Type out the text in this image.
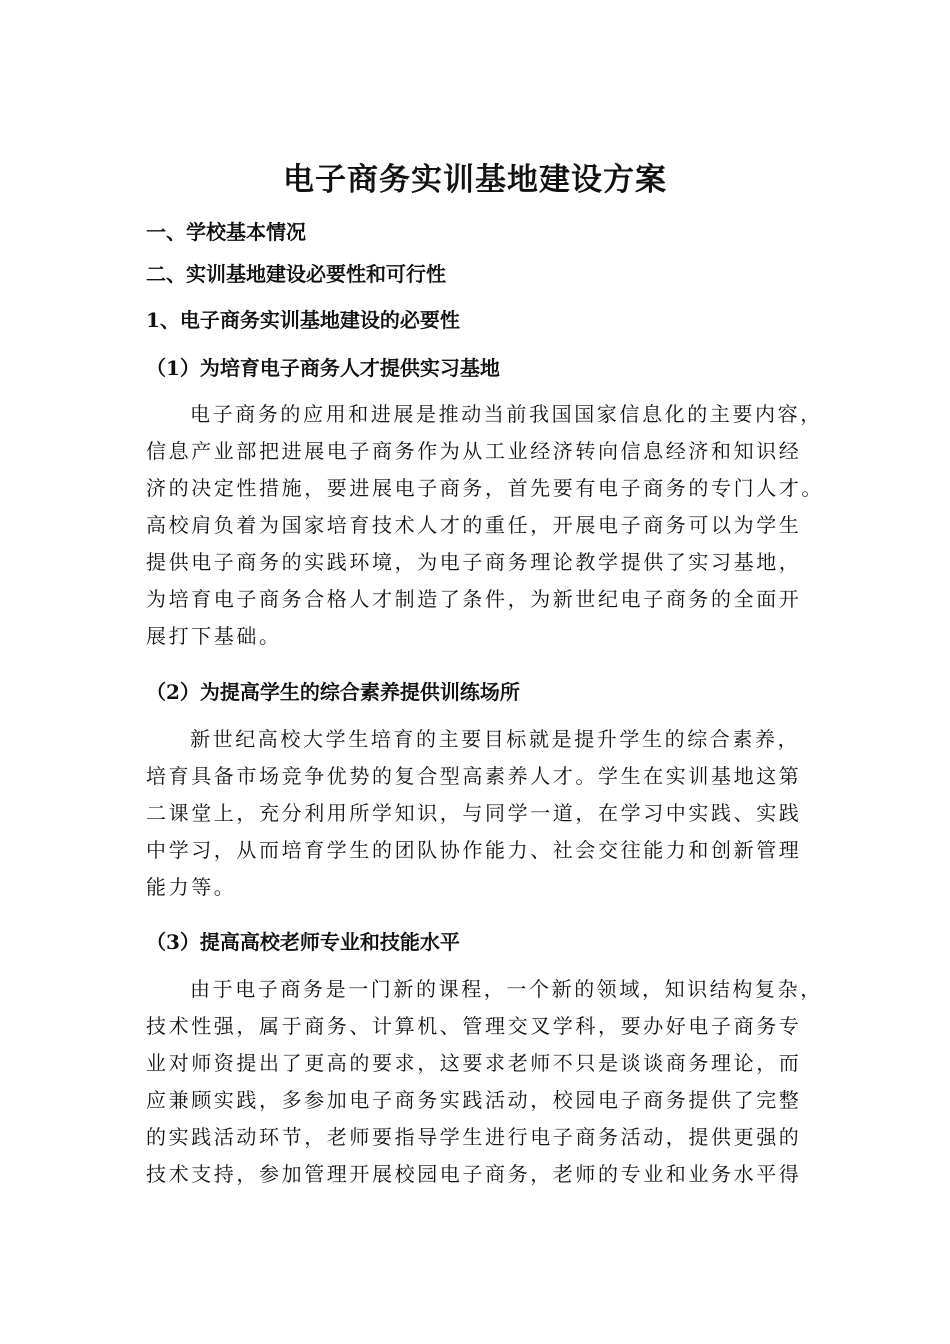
电子商务实训基地建设方案
一、学校基本情况
二、实训基地建设必要性和可行性
1、电子商务实训基地建设的必要性
（1）为培育电子商务人才提供实习基地
电子商务的应用和进展是推动当前我国国家信息化的主要内容，
信息产业部把进展电子商务作为从工业经济转向信息经济和知识经
济的决定性措施，要进展电子商务，首先要有电子商务的专门人才。
高校肩负着为国家培育技术人才的重任，开展电子商务可以为学生
提供电子商务的实践环境，为电子商务理论教学提供了实习基地，
为培育电子商务合格人才制造了条件，为新世纪电子商务的全面开
展打下基础。
（2）为提高学生的综合素养提供训练场所
新世纪高校大学生培育的主要目标就是提升学生的综合素养，
培育具备市场竞争优势的复合型高素养人才。学生在实训基地这第
二课堂上，充分利用所学知识，与同学一道，在学习中实践、实践
中学习，从而培育学生的团队协作能力、社会交往能力和创新管理
能力等。
（3）提高高校老师专业和技能水平
由于电子商务是一门新的课程，一个新的领域，知识结构复杂，
技术性强，属于商务、计算机、管理交叉学科，要办好电子商务专
业对师资提出了更高的要求，这要求老师不只是谈谈商务理论，而
应兼顾实践，多参加电子商务实践活动，校园电子商务提供了完整
的实践活动环节，老师要指导学生进行电子商务活动，提供更强的
技术支持，参加管理开展校园电子商务，老师的专业和业务水平得
